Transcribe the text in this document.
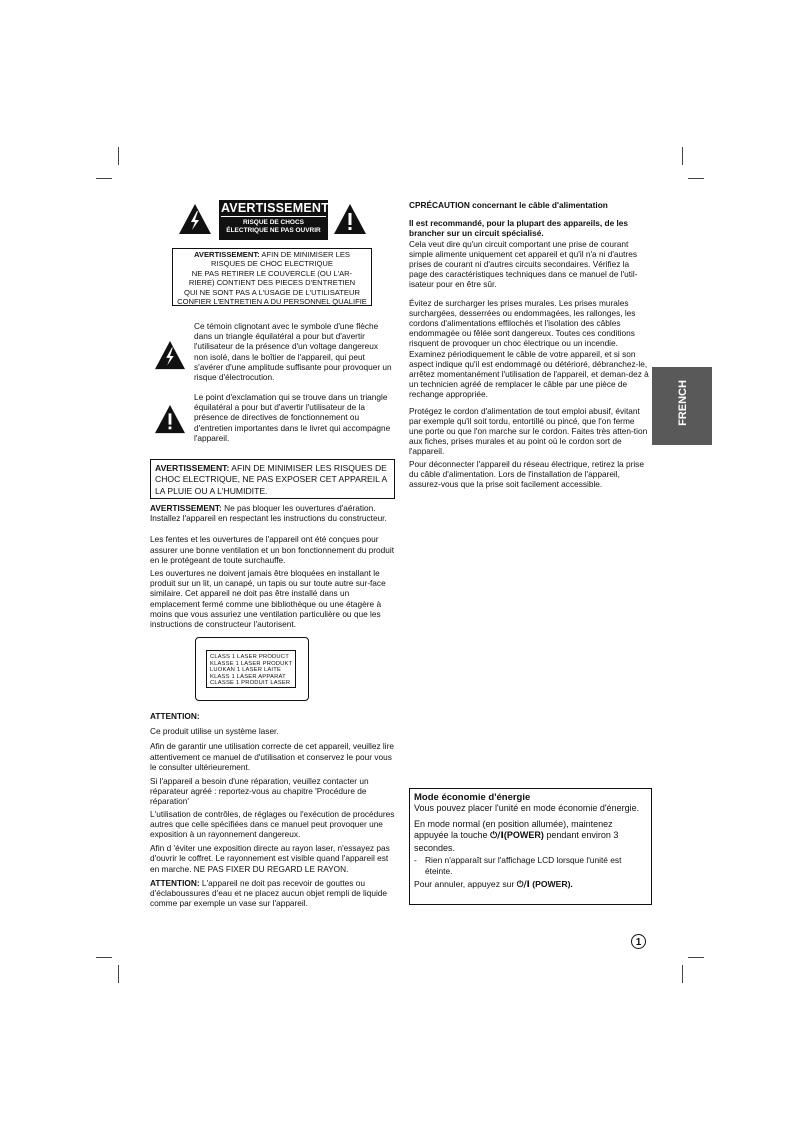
AVERTISSEMENT
RISQUE DE CHOCS
ÉLECTRIQUE NE PAS OUVRIR
AVERTISSEMENT: AFIN DE MINIMISER LES
RISQUES DE CHOC ELECTRIQUE
NE PAS RETIRER LE COUVERCLE (OU L'AR-
RIERE) CONTIENT DES PIECES D'ENTRETIEN
QUI NE SONT PAS A L'USAGE DE L'UTILISATEUR
CONFIER L'ENTRETIEN A DU PERSONNEL QUALIFIE

Ce témoin clignotant avec le symbole d'une flèche dans un triangle équilatéral a pour but d'avertir l'utilisateur de la présence d'un voltage dangereux non isolé, dans le boîtier de l'appareil, qui peut s'avérer d'une amplitude suffisante pour provoquer un risque d'électrocution.

Le point d'exclamation qui se trouve dans un triangle équilatéral a pour but d'avertir l'utilisateur de la présence de directives de fonctionnement ou d'entretien importantes dans le livret qui accompagne l'appareil.

AVERTISSEMENT: AFIN DE MINIMISER LES RISQUES DE CHOC ELECTRIQUE, NE PAS EXPOSER CET APPAREIL A LA PLUIE OU A L'HUMIDITE.

AVERTISSEMENT: Ne pas bloquer les ouvertures d'aération. Installez l'appareil en respectant les instructions du constructeur.

Les fentes et les ouvertures de l'appareil ont été conçues pour assurer une bonne ventilation et un bon fonctionnement du produit en le protégeant de toute surchauffe.

Les ouvertures ne doivent jamais être bloquées en installant le produit sur un lit, un canapé, un tapis ou sur toute autre sur-face similaire. Cet appareil ne doit pas être installé dans un emplacement fermé comme une bibliothèque ou une étagère à moins que vous assuriez une ventilation particulière ou que les instructions de constructeur l'autorisent.

CLASS 1 LASER PRODUCT
KLASSE 1 LASER PRODUKT
LUOKAN 1 LASER LAITE
KLASS 1 LASER APPARAT
CLASSE 1 PRODUIT LASER

ATTENTION:

Ce produit utilise un système laser.

Afin de garantir une utilisation correcte de cet appareil, veuillez lire attentivement ce manuel de d'utilisation et conservez le pour vous le consulter ultérieurement.

Si l'appareil a besoin d'une réparation, veuillez contacter un réparateur agréé : reportez-vous au chapitre 'Procédure de réparation'

L'utilisation de contrôles, de réglages ou l'exécution de procédures autres que celle spécifiées dans ce manuel peut provoquer une exposition à un rayonnement dangereux.

Afin d 'éviter une exposition directe au rayon laser, n'essayez pas d'ouvrir le coffret. Le rayonnement est visible quand l'appareil est en marche. NE PAS FIXER DU REGARD LE RAYON.

ATTENTION: L'appareil ne doit pas recevoir de gouttes ou d'éclaboussures d'eau et ne placez aucun objet rempli de liquide comme par exemple un vase sur l'appareil.

CPRÉCAUTION concernant le câble d'alimentation

Il est recommandé, pour la plupart des appareils, de les brancher sur un circuit spécialisé.

Cela veut dire qu'un circuit comportant une prise de courant simple alimente uniquement cet appareil et qu'il n'a ni d'autres prises de courant ni d'autres circuits secondaires. Vérifiez la page des caractéristiques techniques dans ce manuel de l'util-isateur pour en être sûr.

Évitez de surcharger les prises murales. Les prises murales surchargées, desserrées ou endommagées, les rallonges, les cordons d'alimentations effilochés et l'isolation des câbles endommagée ou fêlée sont dangereux. Toutes ces conditions risquent de provoquer un choc électrique ou un incendie. Examinez périodiquement le câble de votre appareil, et si son aspect indique qu'il est endommagé ou détérioré, débranchez-le, arrêtez momentanément l'utilisation de l'appareil, et deman-dez à un technicien agréé de remplacer le câble par une pièce de rechange appropriée.

Protégez le cordon d'alimentation de tout emploi abusif, évitant par exemple qu'il soit tordu, entortillé ou pincé, que l'on ferme une porte ou que l'on marche sur le cordon. Faites très atten-tion aux fiches, prises murales et au point où le cordon sort de l'appareil.

Pour déconnecter l'appareil du réseau électrique, retirez la prise du câble d'alimentation. Lors de l'installation de l'appareil, assurez-vous que la prise soit facilement accessible.

FRENCH
Mode économie d'énergie
Vous pouvez placer l'unité en mode économie d'énergie.
En mode normal (en position allumée), maintenez appuyée la touche ⏻/I(POWER) pendant environ 3 secondes.
- Rien n'apparaît sur l'affichage LCD lorsque l'unité est éteinte.
Pour annuler, appuyez sur ⏻/I (POWER).
1
